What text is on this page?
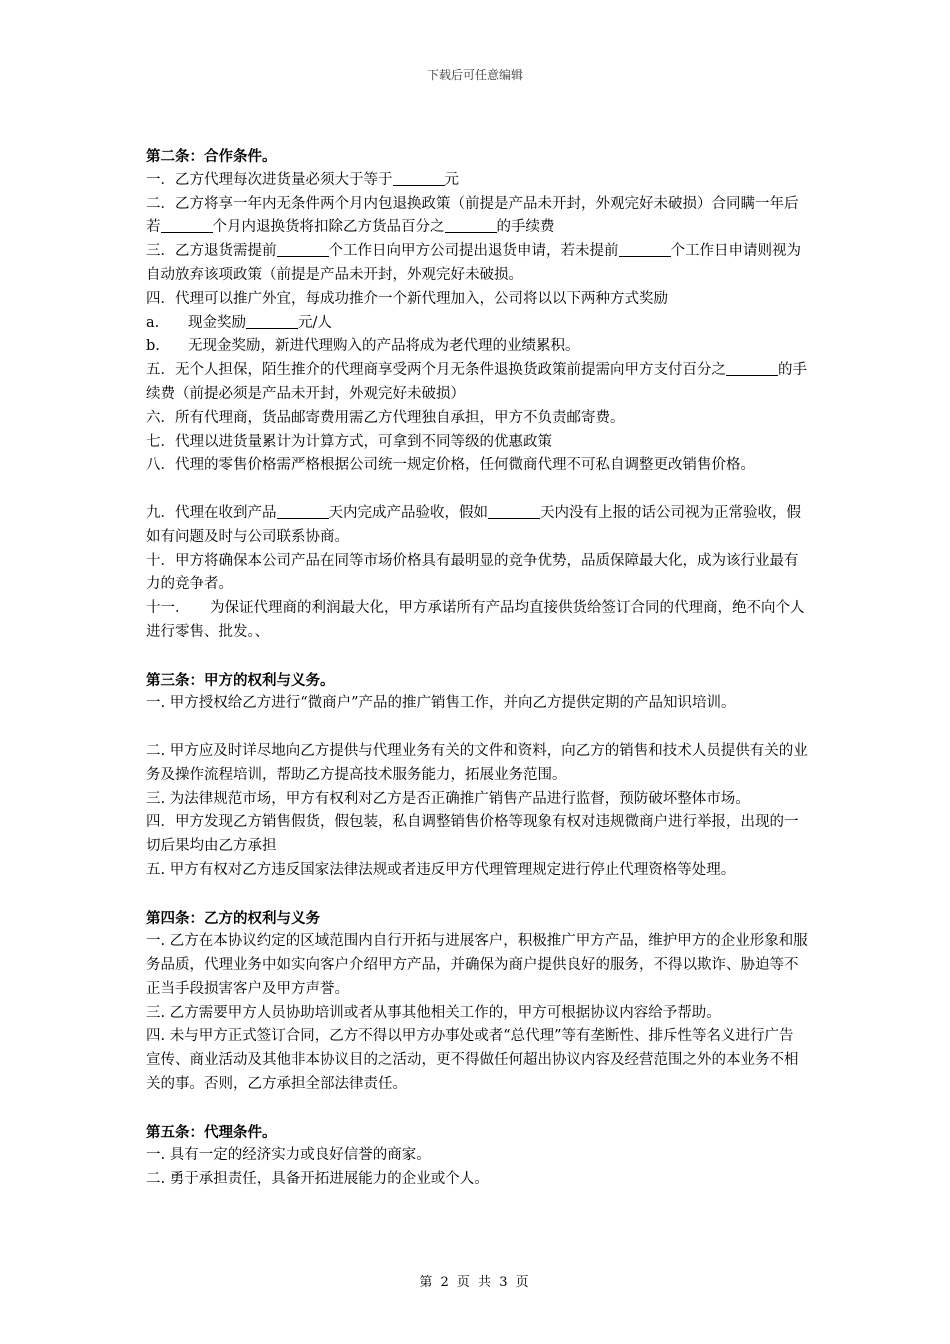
下载后可任意编辑

第二条：合作条件。

一．乙方代理每次进货量必须大于等于	元

二．乙方将享一年内无条件两个月内包退换政策（前提是产品未开封，外观完好未破损）合同瞒一年后若	个月内退换货将扣除乙方货品百分之	的手续费

三．乙方退货需提前	个工作日向甲方公司提出退货申请，若未提前	个工作日申请则视为自动放弃该项政策（前提是产品未开封，外观完好未破损。

四．代理可以推广外宜，每成功推介一个新代理加入，公司将以以下两种方式奖励

a. 现金奖励	元/人

b. 无现金奖励，新进代理购入的产品将成为老代理的业绩累积。

五．无个人担保，陌生推介的代理商享受两个月无条件退换货政策前提需向甲方支付百分之	的手续费（前提必须是产品未开封，外观完好未破损）

六．所有代理商，货品邮寄费用需乙方代理独自承担，甲方不负责邮寄费。

七．代理以进货量累计为计算方式，可拿到不同等级的优惠政策

八．代理的零售价格需严格根据公司统一规定价格，任何微商代理不可私自调整更改销售价格。

九．代理在收到产品	天内完成产品验收，假如	天内没有上报的话公司视为正常验收，假如有问题及时与公司联系协商。

十．甲方将确保本公司产品在同等市场价格具有最明显的竞争优势，品质保障最大化，成为该行业最有力的竞争者。

十一． 为保证代理商的利润最大化，甲方承诺所有产品均直接供货给签订合同的代理商，绝不向个人进行零售、批发。、

第三条：甲方的权利与义务。

一. 甲方授权给乙方进行“微商户”产品的推广销售工作，并向乙方提供定期的产品知识培训。

二. 甲方应及时详尽地向乙方提供与代理业务有关的文件和资料，向乙方的销售和技术人员提供有关的业务及操作流程培训，帮助乙方提高技术服务能力，拓展业务范围。

三. 为法律规范市场，甲方有权利对乙方是否正确推广销售产品进行监督，预防破坏整体市场。

四．甲方发现乙方销售假货，假包装，私自调整销售价格等现象有权对违规微商户进行举报，出现的一切后果均由乙方承担

五. 甲方有权对乙方违反国家法律法规或者违反甲方代理管理规定进行停止代理资格等处理。

第四条：乙方的权利与义务

一. 乙方在本协议约定的区域范围内自行开拓与进展客户，积极推广甲方产品，维护甲方的企业形象和服务品质，代理业务中如实向客户介绍甲方产品，并确保为商户提供良好的服务，不得以欺诈、胁迫等不正当手段损害客户及甲方声誉。

三. 乙方需要甲方人员协助培训或者从事其他相关工作的，甲方可根据协议内容给予帮助。

四. 未与甲方正式签订合同，乙方不得以甲方办事处或者“总代理”等有垄断性、排斥性等名义进行广告宣传、商业活动及其他非本协议目的之活动，更不得做任何超出协议内容及经营范围之外的本业务不相关的事。否则，乙方承担全部法律责任。

第五条：代理条件。

一. 具有一定的经济实力或良好信誉的商家。

二. 勇于承担责任，具备开拓进展能力的企业或个人。

第 2 页 共 3 页
